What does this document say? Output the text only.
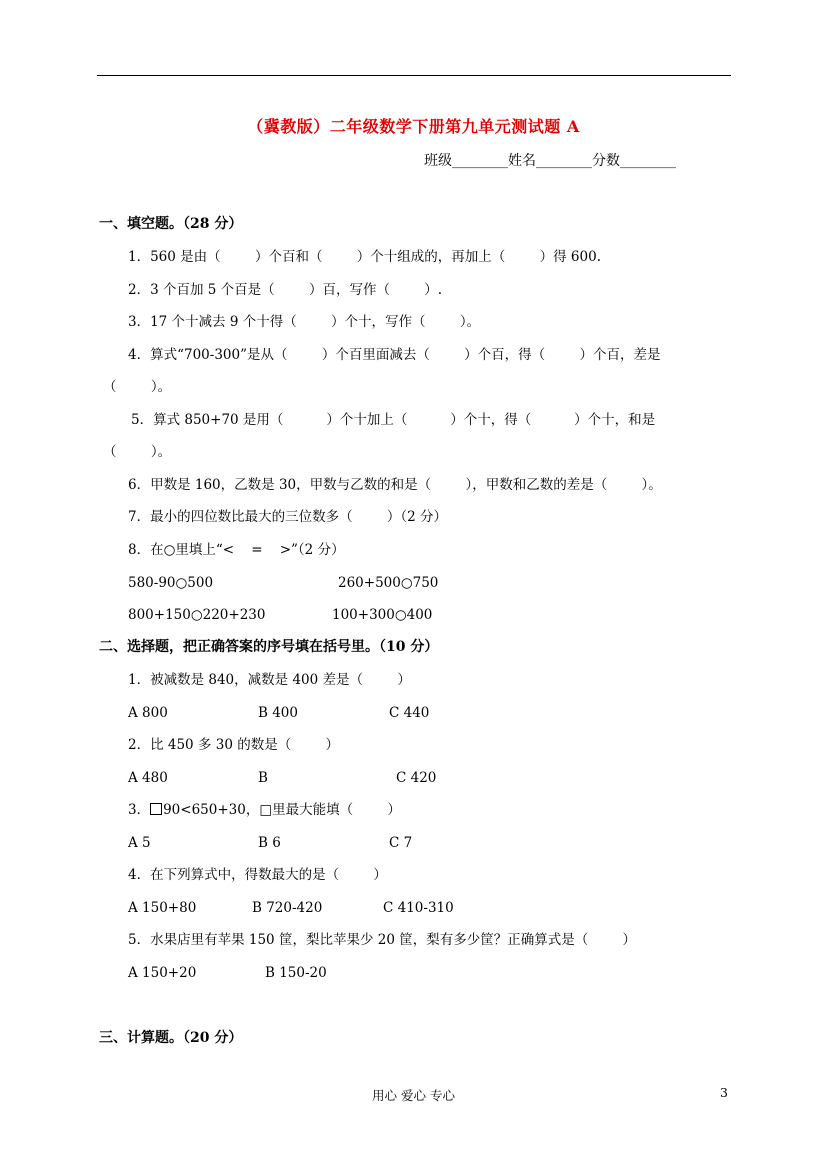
（冀教版）二年级数学下册第九单元测试题 A
班级________姓名________分数________
一、填空题。（28 分）
1．560 是由（        ）个百和（        ）个十组成的，再加上（        ）得 600.
2．3 个百加 5 个百是（        ）百，写作（        ）.
3．17 个十减去 9 个十得（        ）个十，写作（        ）。
4．算式“700-300”是从（        ）个百里面减去（        ）个百，得（        ）个百，差是
（        ）。
5．算式 850+70 是用（          ）个十加上（          ）个十，得（          ）个十，和是
（        ）。
6．甲数是 160，乙数是 30，甲数与乙数的和是（        ），甲数和乙数的差是（        ）。
7．最小的四位数比最大的三位数多（        ）（2 分）
8．在○里填上“<    =    >”（2 分）
580-90○500	260+500○750
800+150○220+230	100+300○400
二、选择题，把正确答案的序号填在括号里。（10 分）
1．被减数是 840，减数是 400 差是（        ）
A 800	B 400	C 440
2．比 450 多 30 的数是（        ）
A 480	B	C 420
3． 90<650+30，□里最大能填（        ）
A 5	B 6	C 7
4．在下列算式中，得数最大的是（        ）
A 150+80	B 720-420	C 410-310
5．水果店里有苹果 150 筐，梨比苹果少 20 筐，梨有多少筐？正确算式是（        ）
A 150+20	B 150-20
三、计算题。（20 分）
用心 爱心 专心	3
